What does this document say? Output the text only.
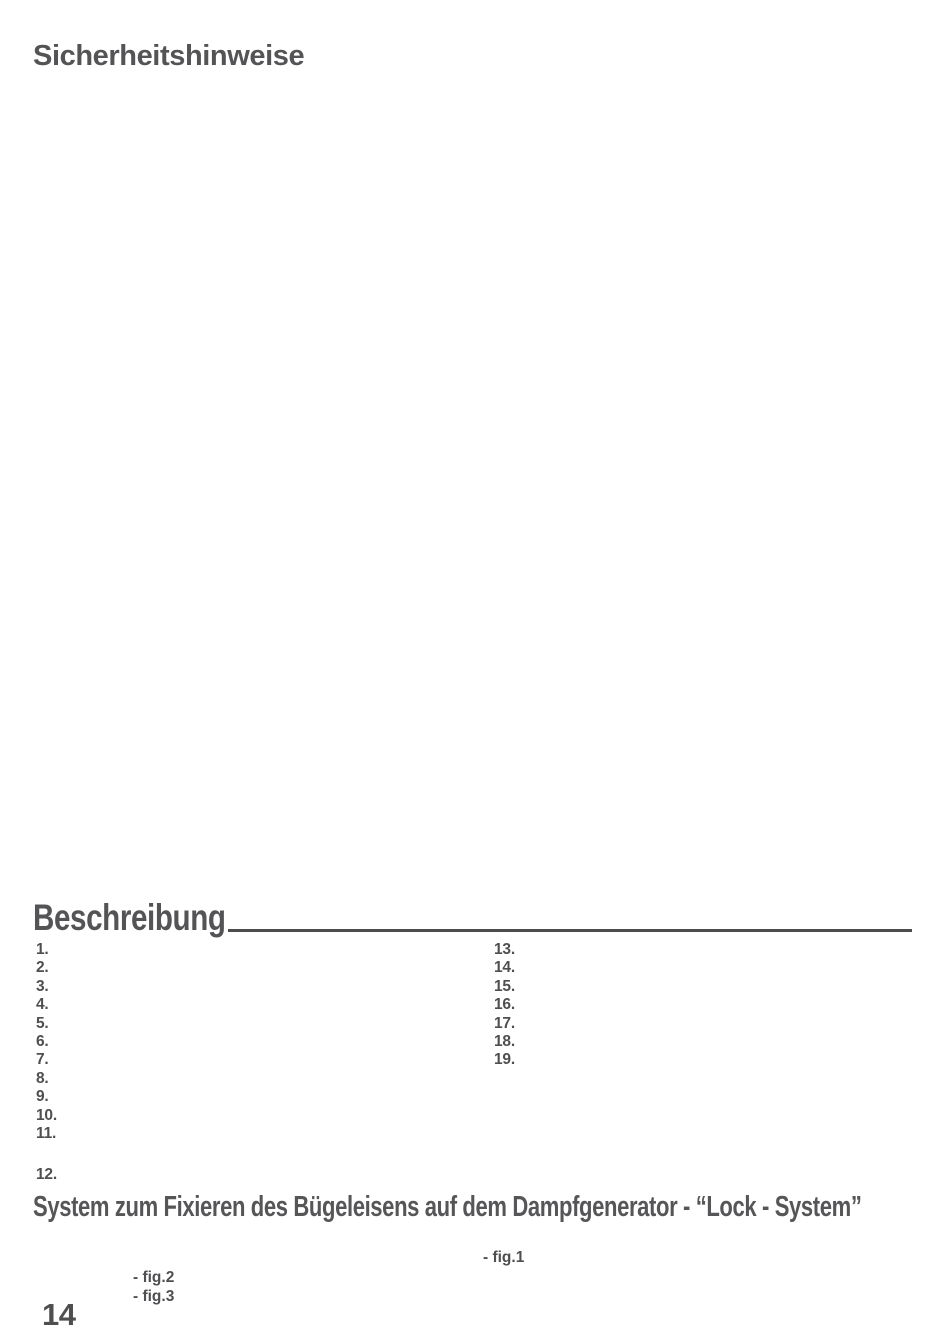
Sicherheitshinweise
Beschreibung
1.
2.
3.
4.
5.
6.
7.
8.
9.
10.
11.
12.
13.
14.
15.
16.
17.
18.
19.
System zum Fixieren des Bügeleisens auf dem Dampfgenerator - “Lock - System”
- fig.1
- fig.2
- fig.3
14
